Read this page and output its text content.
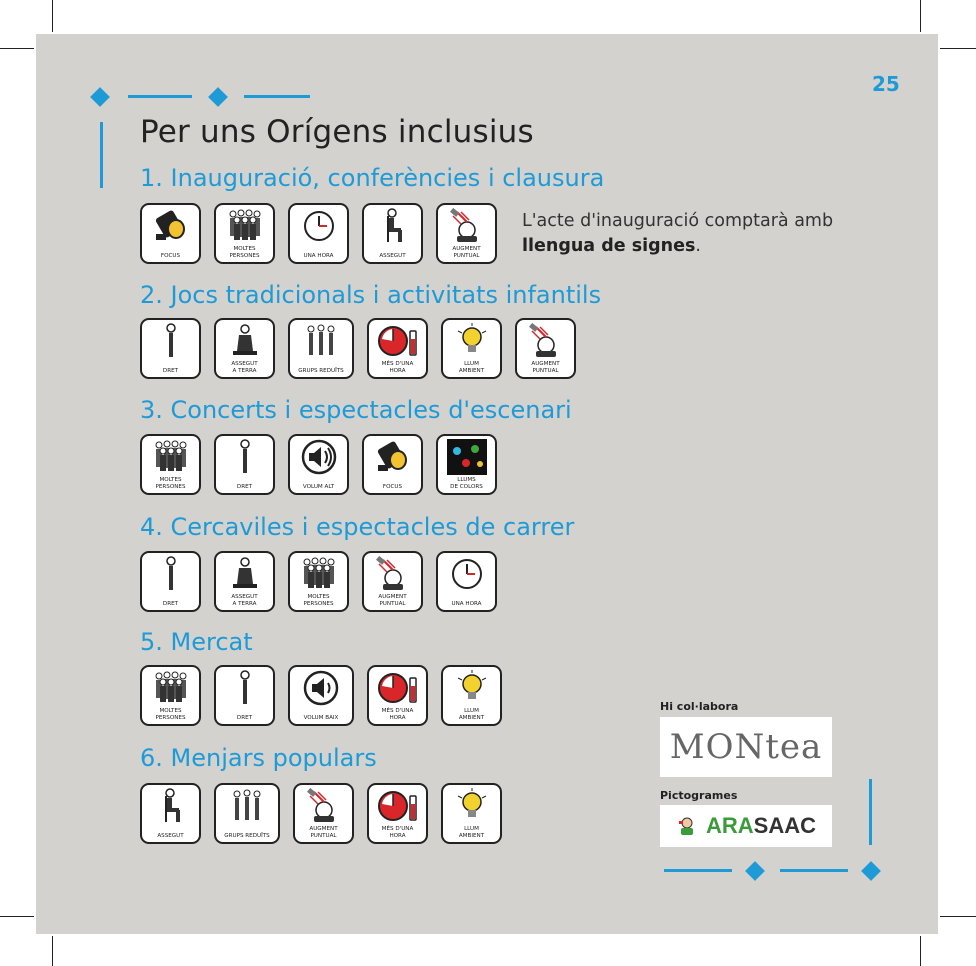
25
Per uns Orígens inclusius
1. Inauguració, conferències i clausura
FOCUS
MOLTES
PERSONES	UNA HORA	ASSEGUT
AUGMENT
PUNTUAL
L'acte d'inauguració comptarà amb llengua de signes.
2. Jocs tradicionals i activitats infantils
DRET
ASSEGUT
A TERRA	GRUPS REDUÏTS
MÉS D'UNA
HORA
LLUM
AMBIENT
AUGMENT
PUNTUAL
3. Concerts i espectacles d'escenari
MOLTES
PERSONES	DRET	VOLUM ALT	FOCUS
LLUMS
DE COLORS
4. Cercaviles i espectacles de carrer
DRET
ASSEGUT
A TERRA
MOLTES
PERSONES
AUGMENT
PUNTUAL	UNA HORA
5. Mercat
MOLTES
PERSONES	DRET	VOLUM BAIX
MÉS D'UNA
HORA
LLUM
AMBIENT
6. Menjars populars
ASSEGUT	GRUPS REDUÏTS
AUGMENT
PUNTUAL
MÉS D'UNA
HORA
LLUM
AMBIENT
Hi col·labora
MONtea
Pictogrames
ARASAAC
